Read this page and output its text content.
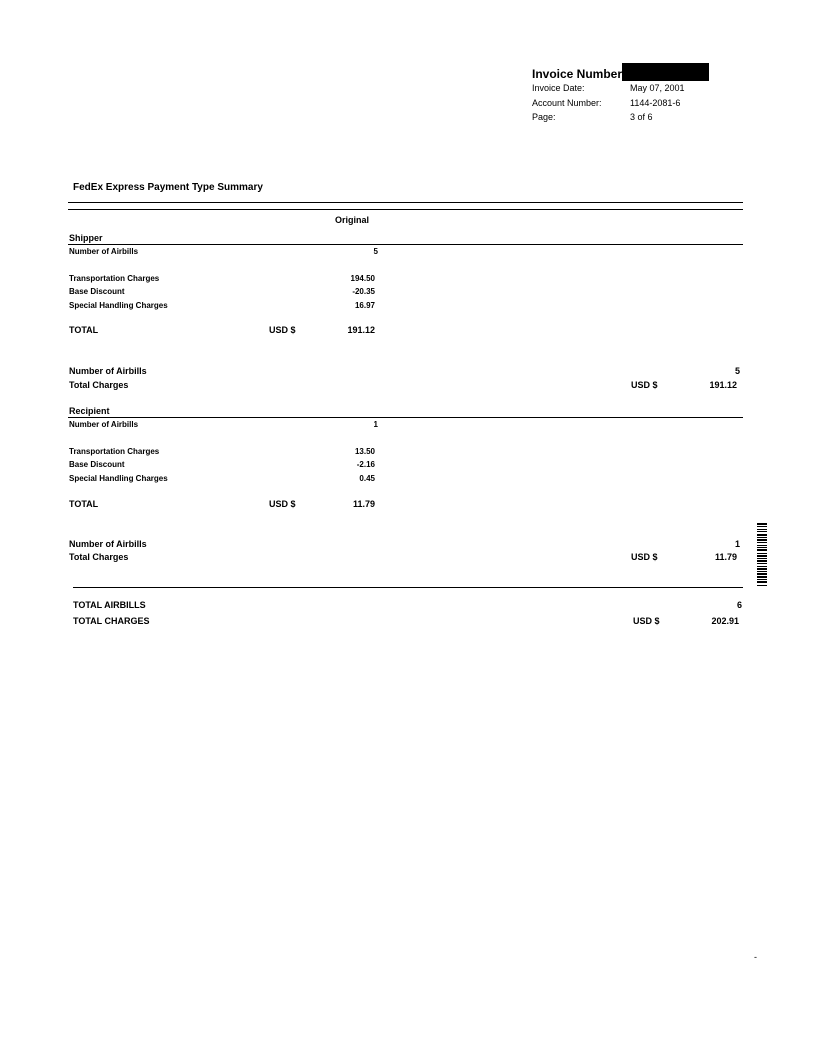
Invoice Number
Invoice Date:	May 07, 2001
Account Number:	1144-2081-6
Page:	3 of 6
FedEx Express Payment Type Summary
Original
Shipper
Number of Airbills	5
Transportation Charges	194.50
Base Discount	-20.35
Special Handling Charges	16.97
TOTAL	USD $	191.12
Number of Airbills	5
Total Charges	USD $	191.12
Recipient
Number of Airbills	1
Transportation Charges	13.50
Base Discount	-2.16
Special Handling Charges	0.45
TOTAL	USD $	11.79
Number of Airbills	1
Total Charges	USD $	11.79
TOTAL AIRBILLS	6
TOTAL CHARGES	USD $	202.91
-
